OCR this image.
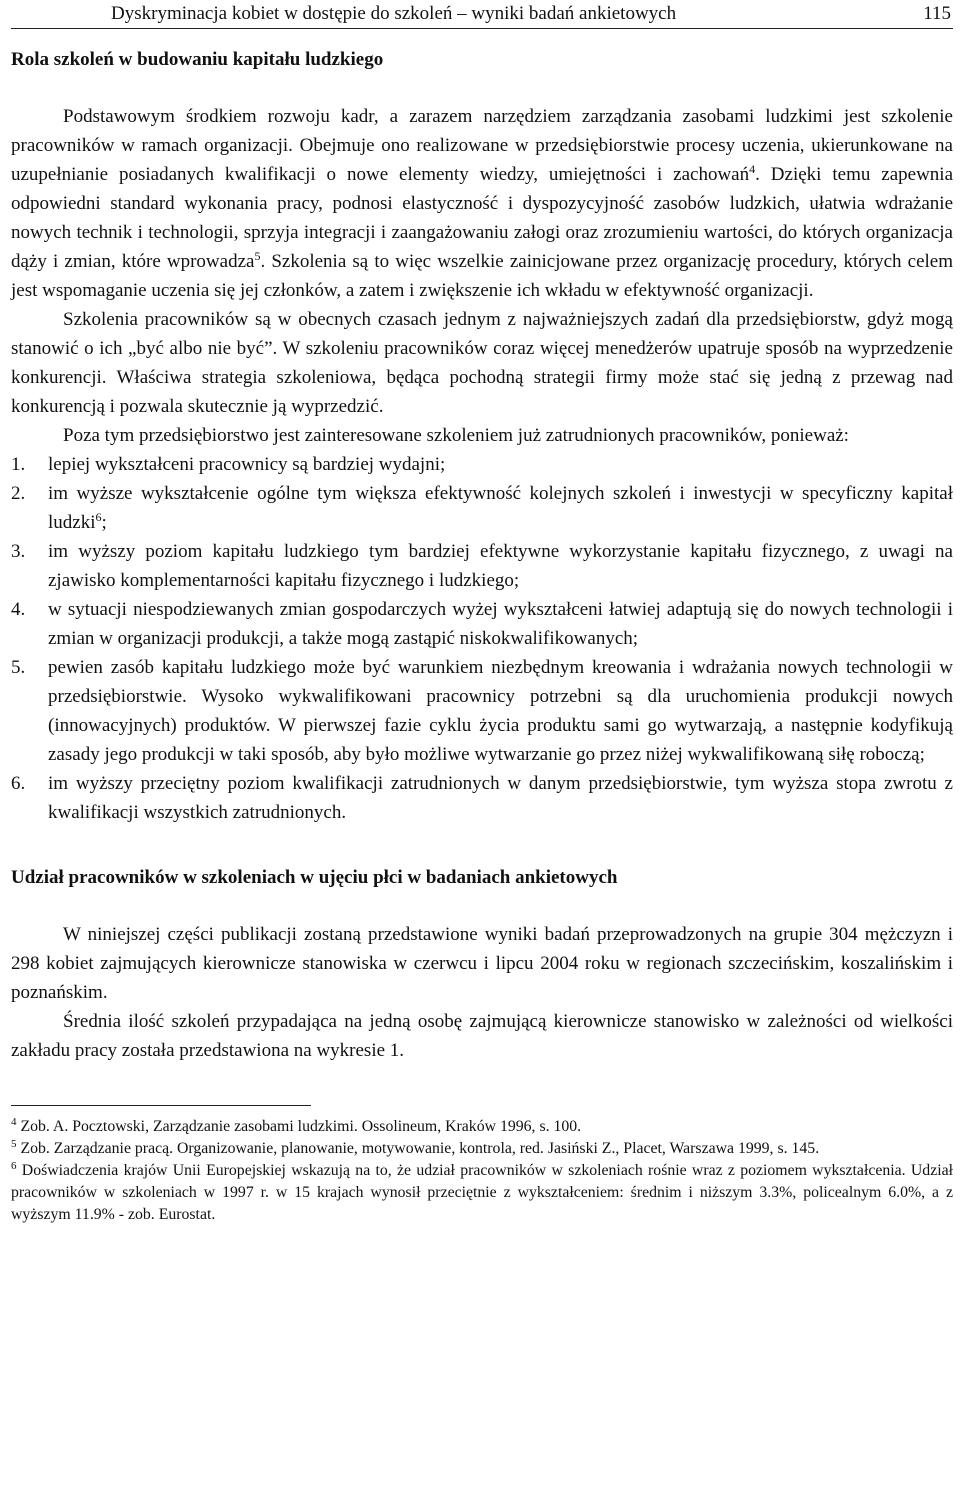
Dyskryminacja kobiet w dostępie do szkoleń – wyniki badań ankietowych	115
Rola szkoleń w budowaniu kapitału ludzkiego

Podstawowym środkiem rozwoju kadr, a zarazem narzędziem zarządzania zasobami ludzkimi jest szkolenie pracowników w ramach organizacji. Obejmuje ono realizowane w przedsiębiorstwie procesy uczenia, ukierunkowane na uzupełnianie posiadanych kwalifikacji o nowe elementy wiedzy, umiejętności i zachowań$^4$. Dzięki temu zapewnia odpowiedni standard wykonania pracy, podnosi elastyczność i dyspozycyjność zasobów ludzkich, ułatwia wdrażanie nowych technik i technologii, sprzyja integracji i zaangażowaniu załogi oraz zrozumieniu wartości, do których organizacja dąży i zmian, które wprowadza$^5$. Szkolenia są to więc wszelkie zainicjowane przez organizację procedury, których celem jest wspomaganie uczenia się jej członków, a zatem i zwiększenie ich wkładu w efektywność organizacji.

Szkolenia pracowników są w obecnych czasach jednym z najważniejszych zadań dla przedsiębiorstw, gdyż mogą stanowić o ich „być albo nie być”. W szkoleniu pracowników coraz więcej menedżerów upatruje sposób na wyprzedzenie konkurencji. Właściwa strategia szkoleniowa, będąca pochodną strategii firmy może stać się jedną z przewag nad konkurencją i pozwala skutecznie ją wyprzedzić.

Poza tym przedsiębiorstwo jest zainteresowane szkoleniem już zatrudnionych pracowników, ponieważ:

1. lepiej wykształceni pracownicy są bardziej wydajni;
2. im wyższe wykształcenie ogólne tym większa efektywność kolejnych szkoleń i inwestycji w specyficzny kapitał ludzki$^6$;
3. im wyższy poziom kapitału ludzkiego tym bardziej efektywne wykorzystanie kapitału fizycznego, z uwagi na zjawisko komplementarności kapitału fizycznego i ludzkiego;
4. w sytuacji niespodziewanych zmian gospodarczych wyżej wykształceni łatwiej adaptują się do nowych technologii i zmian w organizacji produkcji, a także mogą zastąpić niskokwalifikowanych;
5. pewien zasób kapitału ludzkiego może być warunkiem niezbędnym kreowania i wdrażania nowych technologii w przedsiębiorstwie. Wysoko wykwalifikowani pracownicy potrzebni są dla uruchomienia produkcji nowych (innowacyjnych) produktów. W pierwszej fazie cyklu życia produktu sami go wytwarzają, a następnie kodyfikują zasady jego produkcji w taki sposób, aby było możliwe wytwarzanie go przez niżej wykwalifikowaną siłę roboczą;
6. im wyższy przeciętny poziom kwalifikacji zatrudnionych w danym przedsiębiorstwie, tym wyższa stopa zwrotu z kwalifikacji wszystkich zatrudnionych.
Udział pracowników w szkoleniach w ujęciu płci w badaniach ankietowych

W niniejszej części publikacji zostaną przedstawione wyniki badań przeprowadzonych na grupie 304 mężczyzn i 298 kobiet zajmujących kierownicze stanowiska w czerwcu i lipcu 2004 roku w regionach szczecińskim, koszalińskim i poznańskim.

Średnia ilość szkoleń przypadająca na jedną osobę zajmującą kierownicze stanowisko w zależności od wielkości zakładu pracy została przedstawiona na wykresie 1.

$^4$ Zob. A. Pocztowski, Zarządzanie zasobami ludzkimi. Ossolineum, Kraków 1996, s. 100.
$^5$ Zob. Zarządzanie pracą. Organizowanie, planowanie, motywowanie, kontrola, red. Jasiński Z., Placet, Warszawa 1999, s. 145.
$^6$ Doświadczenia krajów Unii Europejskiej wskazują na to, że udział pracowników w szkoleniach rośnie wraz z poziomem wykształcenia. Udział pracowników w szkoleniach w 1997 r. w 15 krajach wynosił przeciętnie z wykształceniem: średnim i niższym 3.3%, policealnym 6.0%, a z wyższym 11.9% - zob. Eurostat.
